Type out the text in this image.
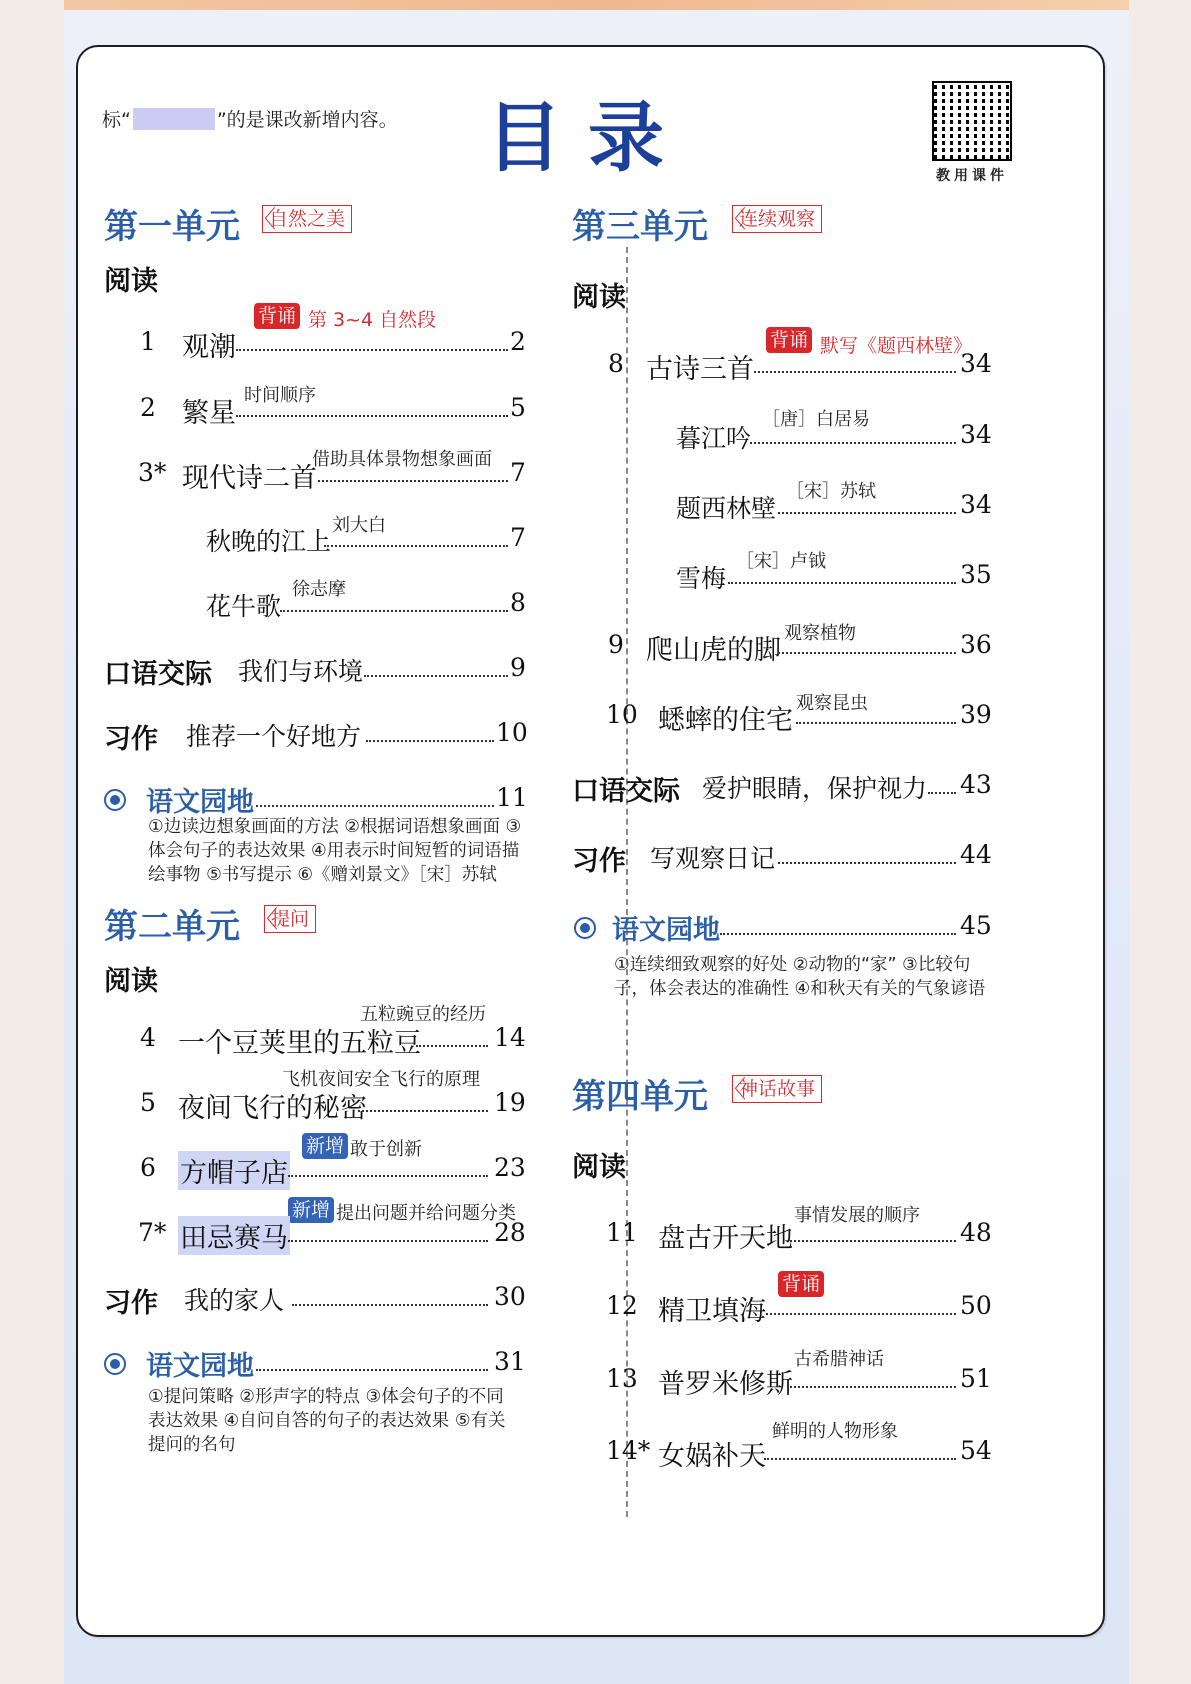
标“	”的是课改新增内容。 目录	教用课件
第一单元 〈
自然之美
阅读
背诵 第 3~4 自然段
1 观潮	2
时间顺序
2 繁星	5
借助具体景物想象画面
3* 现代诗二首	7
刘大白
秋晚的江上	7
徐志摩
花牛歌	8
口语交际 我们与环境	9
习作 推荐一个好地方	10
语文园地	11
①边读边想象画面的方法 ②根据词语想象画面 ③体会句子的表达效果 ④用表示时间短暂的词语描绘事物 ⑤书写提示 ⑥《赠刘景文》［宋］苏轼
第二单元 〈
提问
阅读
五粒豌豆的经历
4 一个豆荚里的五粒豆	14
飞机夜间安全飞行的原理
5 夜间飞行的秘密	19
新增 敢于创新
6 方帽子店	23
新增 提出问题并给问题分类
7* 田忌赛马	28
习作 我的家人	30
语文园地	31
①提问策略 ②形声字的特点 ③体会句子的不同表达效果 ④自问自答的句子的表达效果 ⑤有关提问的名句
第三单元 〈
连续观察
阅读
背诵 默写《题西林壁》
8 古诗三首	34
［唐］白居易
暮江吟	34
［宋］苏轼
题西林壁	34
［宋］卢钺
雪梅	35
观察植物
9 爬山虎的脚	36
观察昆虫
10 蟋蟀的住宅	39
口语交际 爱护眼睛，保护视力 43
习作 写观察日记	44
语文园地	45
①连续细致观察的好处 ②动物的“家” ③比较句子，体会表达的准确性 ④和秋天有关的气象谚语
第四单元 〈
神话故事
阅读
事情发展的顺序
11 盘古开天地	48
背诵
12 精卫填海	50
古希腊神话
13 普罗米修斯	51
鲜明的人物形象
14* 女娲补天	54
